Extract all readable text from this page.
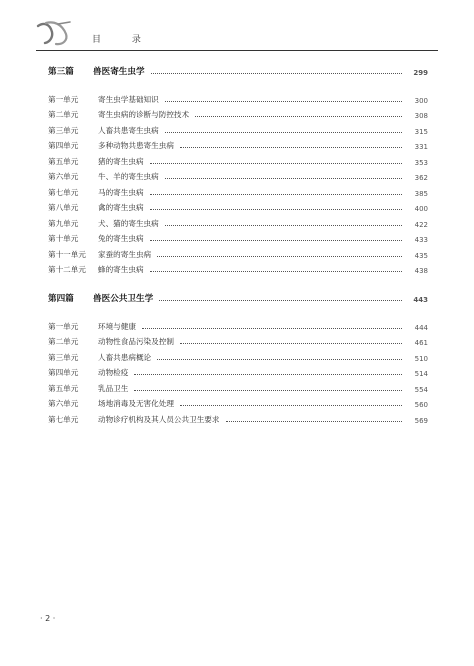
目 录
第三篇	兽医寄生虫学	299
第一单元	寄生虫学基础知识	300
第二单元	寄生虫病的诊断与防控技术	308
第三单元	人畜共患寄生虫病	315
第四单元	多种动物共患寄生虫病	331
第五单元	猪的寄生虫病	353
第六单元	牛、羊的寄生虫病	362
第七单元	马的寄生虫病	385
第八单元	禽的寄生虫病	400
第九单元	犬、猫的寄生虫病	422
第十单元	兔的寄生虫病	433
第十一单元	家蚕的寄生虫病	435
第十二单元	蜂的寄生虫病	438
第四篇	兽医公共卫生学	443
第一单元	环境与健康	444
第二单元	动物性食品污染及控制	461
第三单元	人畜共患病概论	510
第四单元	动物检疫	514
第五单元	乳品卫生	554
第六单元	场地消毒及无害化处理	560
第七单元	动物诊疗机构及其人员公共卫生要求	569
· 2 ·
